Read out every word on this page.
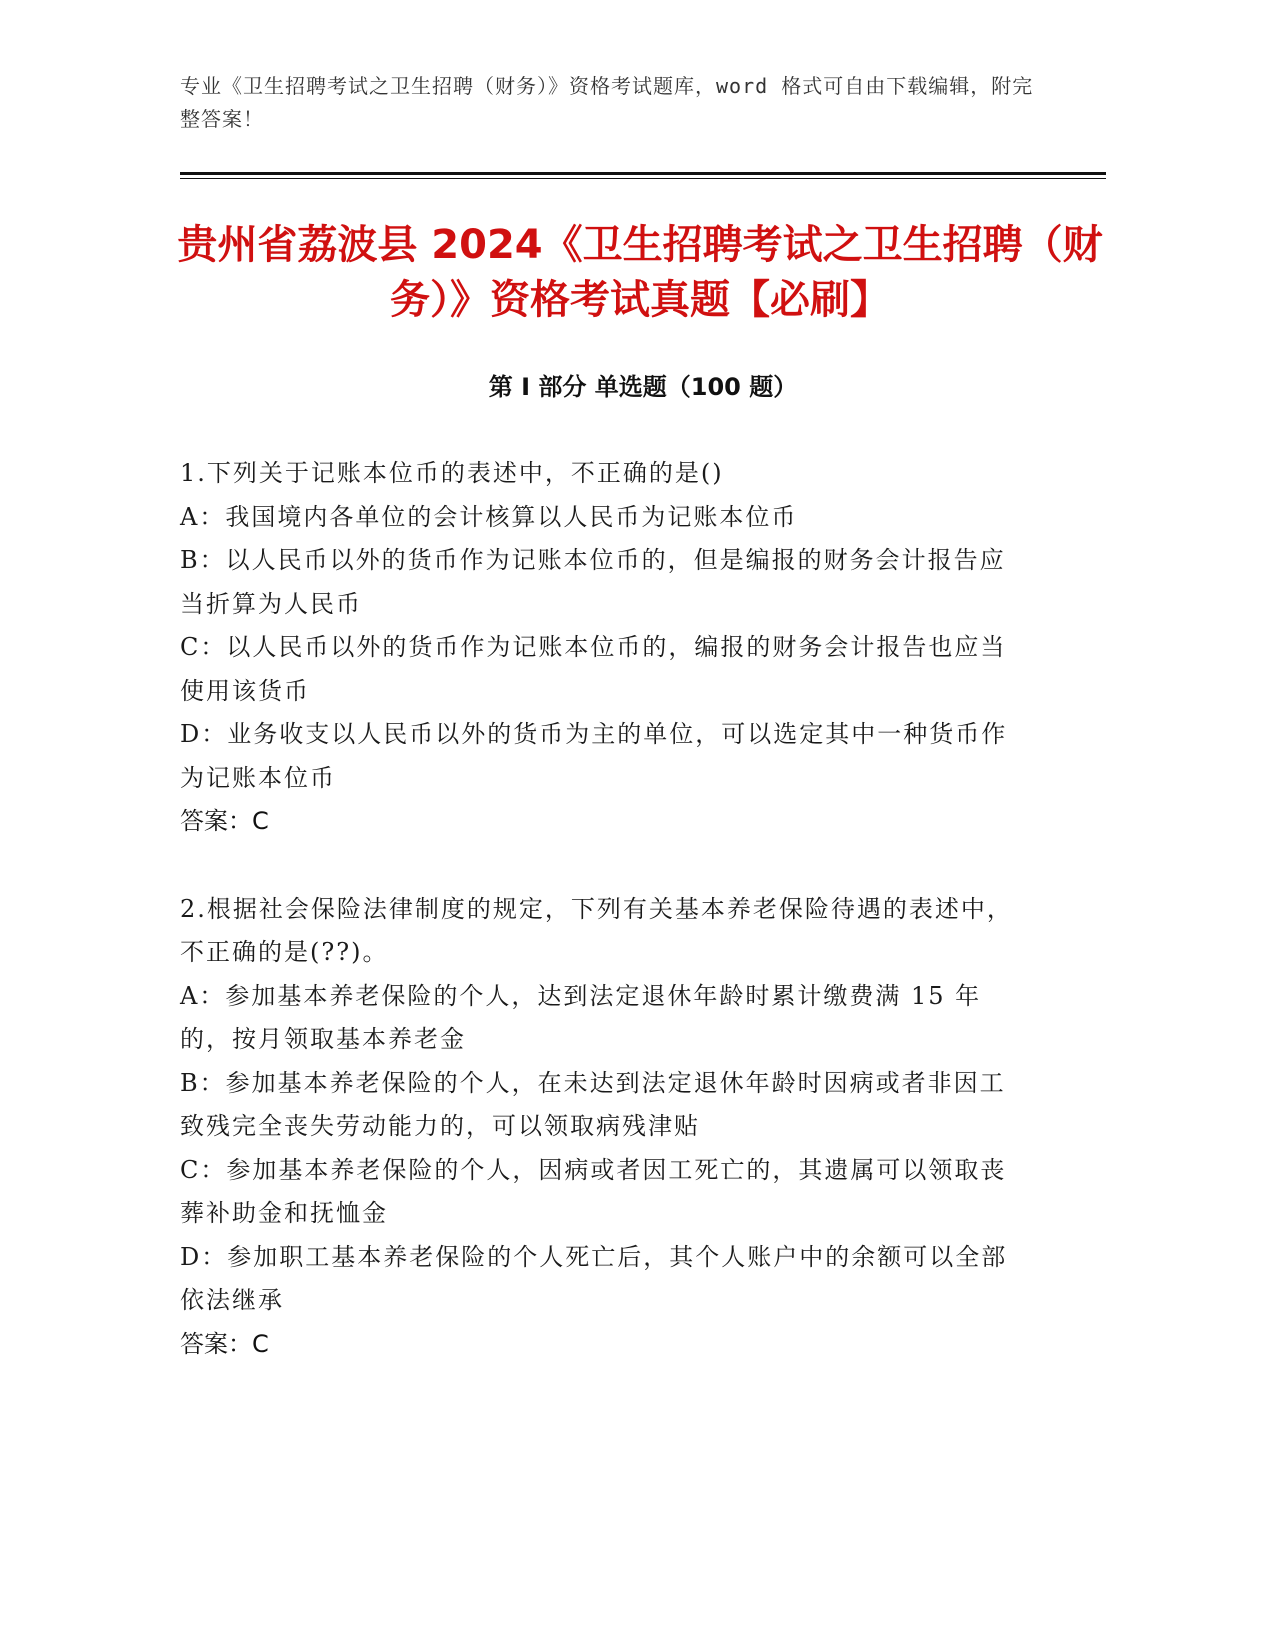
专业《卫生招聘考试之卫生招聘（财务）》资格考试题库，word 格式可自由下载编辑，附完整答案！
贵州省荔波县 2024《卫生招聘考试之卫生招聘（财务）》资格考试真题【必刷】
第 I 部分 单选题（100 题）
1.下列关于记账本位币的表述中，不正确的是()
A：我国境内各单位的会计核算以人民币为记账本位币
B：以人民币以外的货币作为记账本位币的，但是编报的财务会计报告应当折算为人民币
C：以人民币以外的货币作为记账本位币的，编报的财务会计报告也应当使用该货币
D：业务收支以人民币以外的货币为主的单位，可以选定其中一种货币作为记账本位币
答案：C
2.根据社会保险法律制度的规定，下列有关基本养老保险待遇的表述中，不正确的是(??)。
A：参加基本养老保险的个人，达到法定退休年龄时累计缴费满 15 年的，按月领取基本养老金
B：参加基本养老保险的个人，在未达到法定退休年龄时因病或者非因工致残完全丧失劳动能力的，可以领取病残津贴
C：参加基本养老保险的个人，因病或者因工死亡的，其遗属可以领取丧葬补助金和抚恤金
D：参加职工基本养老保险的个人死亡后，其个人账户中的余额可以全部依法继承
答案：C
